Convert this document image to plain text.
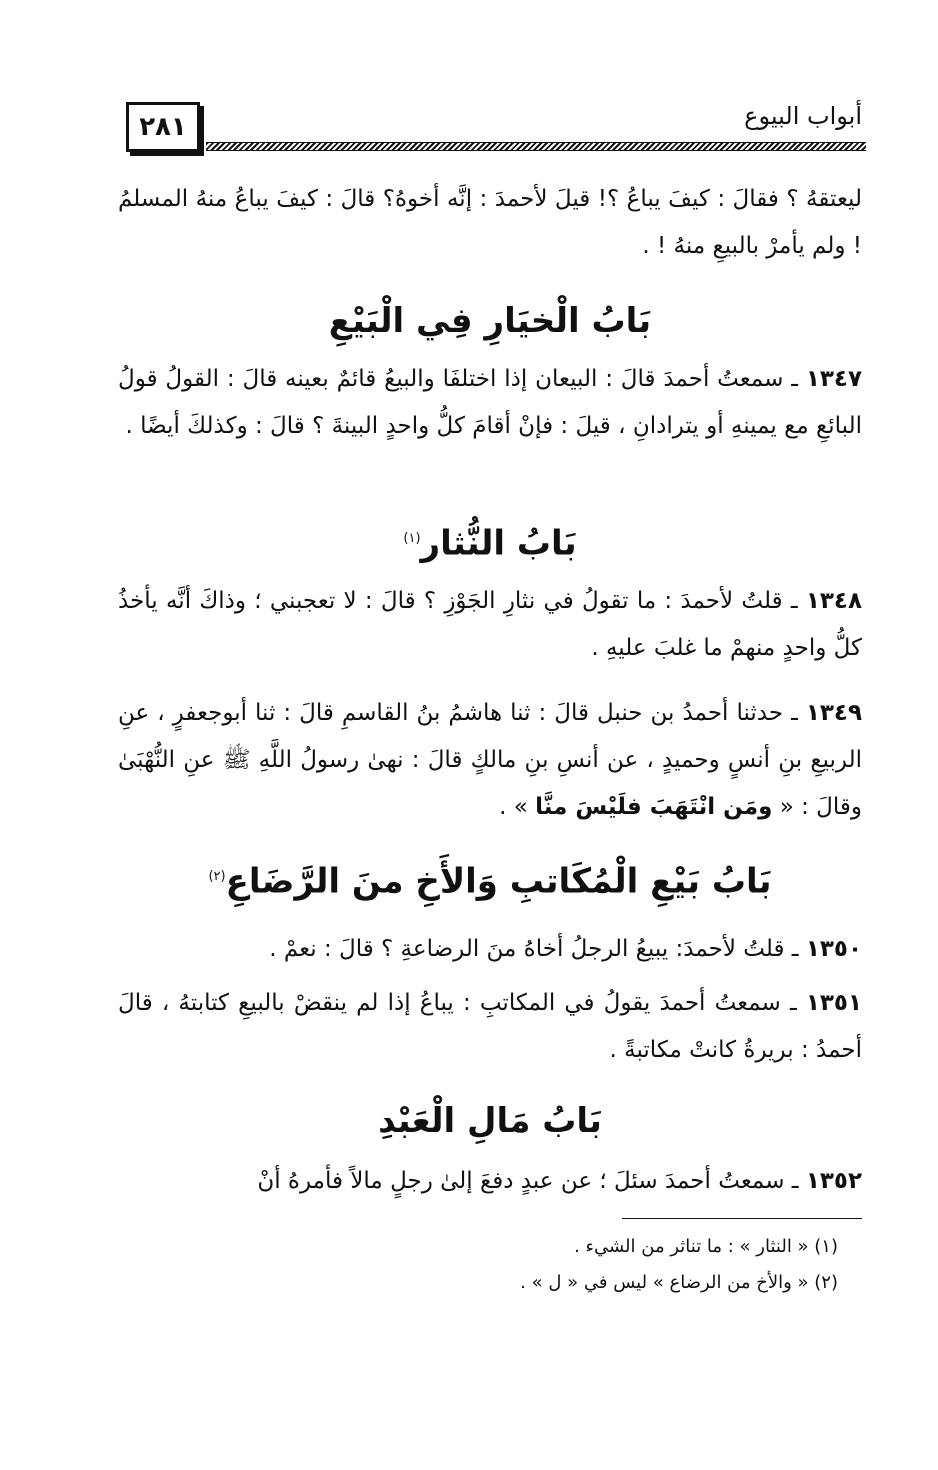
٢٨١	أبواب البيوع
ليعتقهُ ؟ فقالَ : كيفَ يباعُ ؟! قيلَ لأحمدَ : إنَّه أخوهُ؟ قالَ : كيفَ يباعُ منهُ المسلمُ ! ولم يأمرْ بالبيعِ منهُ ! .
بَابُ الْخيَارِ فِي الْبَيْعِ
١٣٤٧ ـ سمعتُ أحمدَ قالَ : البيعان إذا اختلفَا والبيعُ قائمٌ بعينه قالَ : القولُ قولُ البائعِ مع يمينهِ أو يترادانِ ، قيلَ : فإنْ أقامَ كلُّ واحدٍ البينةَ ؟ قالَ : وكذلكَ أيضًا .
بَابُ النُّثار$^{(١)}$
١٣٤٨ ـ قلتُ لأحمدَ : ما تقولُ في نثارِ الجَوْزِ ؟ قالَ : لا تعجبني ؛ وذاكَ أنَّه يأخذُ كلُّ واحدٍ منهمْ ما غلبَ عليهِ .
١٣٤٩ ـ حدثنا أحمدُ بن حنبل قالَ : ثنا هاشمُ بنُ القاسمِ قالَ : ثنا أبوجعفرٍ ، عنِ الربيعِ بنِ أنسٍ وحميدٍ ، عن أنسِ بنِ مالكٍ قالَ : نهىٰ رسولُ اللَّهِ ﷺ عنِ النُّهْبَىٰ وقالَ : « ومَن انْتَهَبَ فلَيْسَ منَّا » .
بَابُ بَيْعِ الْمُكَاتبِ وَالأَخِ منَ الرَّضَاعِ$^{(٢)}$
١٣٥٠ ـ قلتُ لأحمدَ: يبيعُ الرجلُ أخاهُ منَ الرضاعةِ ؟ قالَ : نعمْ .
١٣٥١ ـ سمعتُ أحمدَ يقولُ في المكاتبِ : يباعُ إذا لم ينقضْ بالبيعِ كتابتهُ ، قالَ أحمدُ : بريرةُ كانتْ مكاتبةً .
بَابُ مَالِ الْعَبْدِ
١٣٥٢ ـ سمعتُ أحمدَ سئلَ ؛ عن عبدٍ دفعَ إلىٰ رجلٍ مالاً فأمرهُ أنْ
(١) « النثار » : ما تناثر من الشيء .
(٢) « والأخ من الرضاع » ليس في « ل » .
